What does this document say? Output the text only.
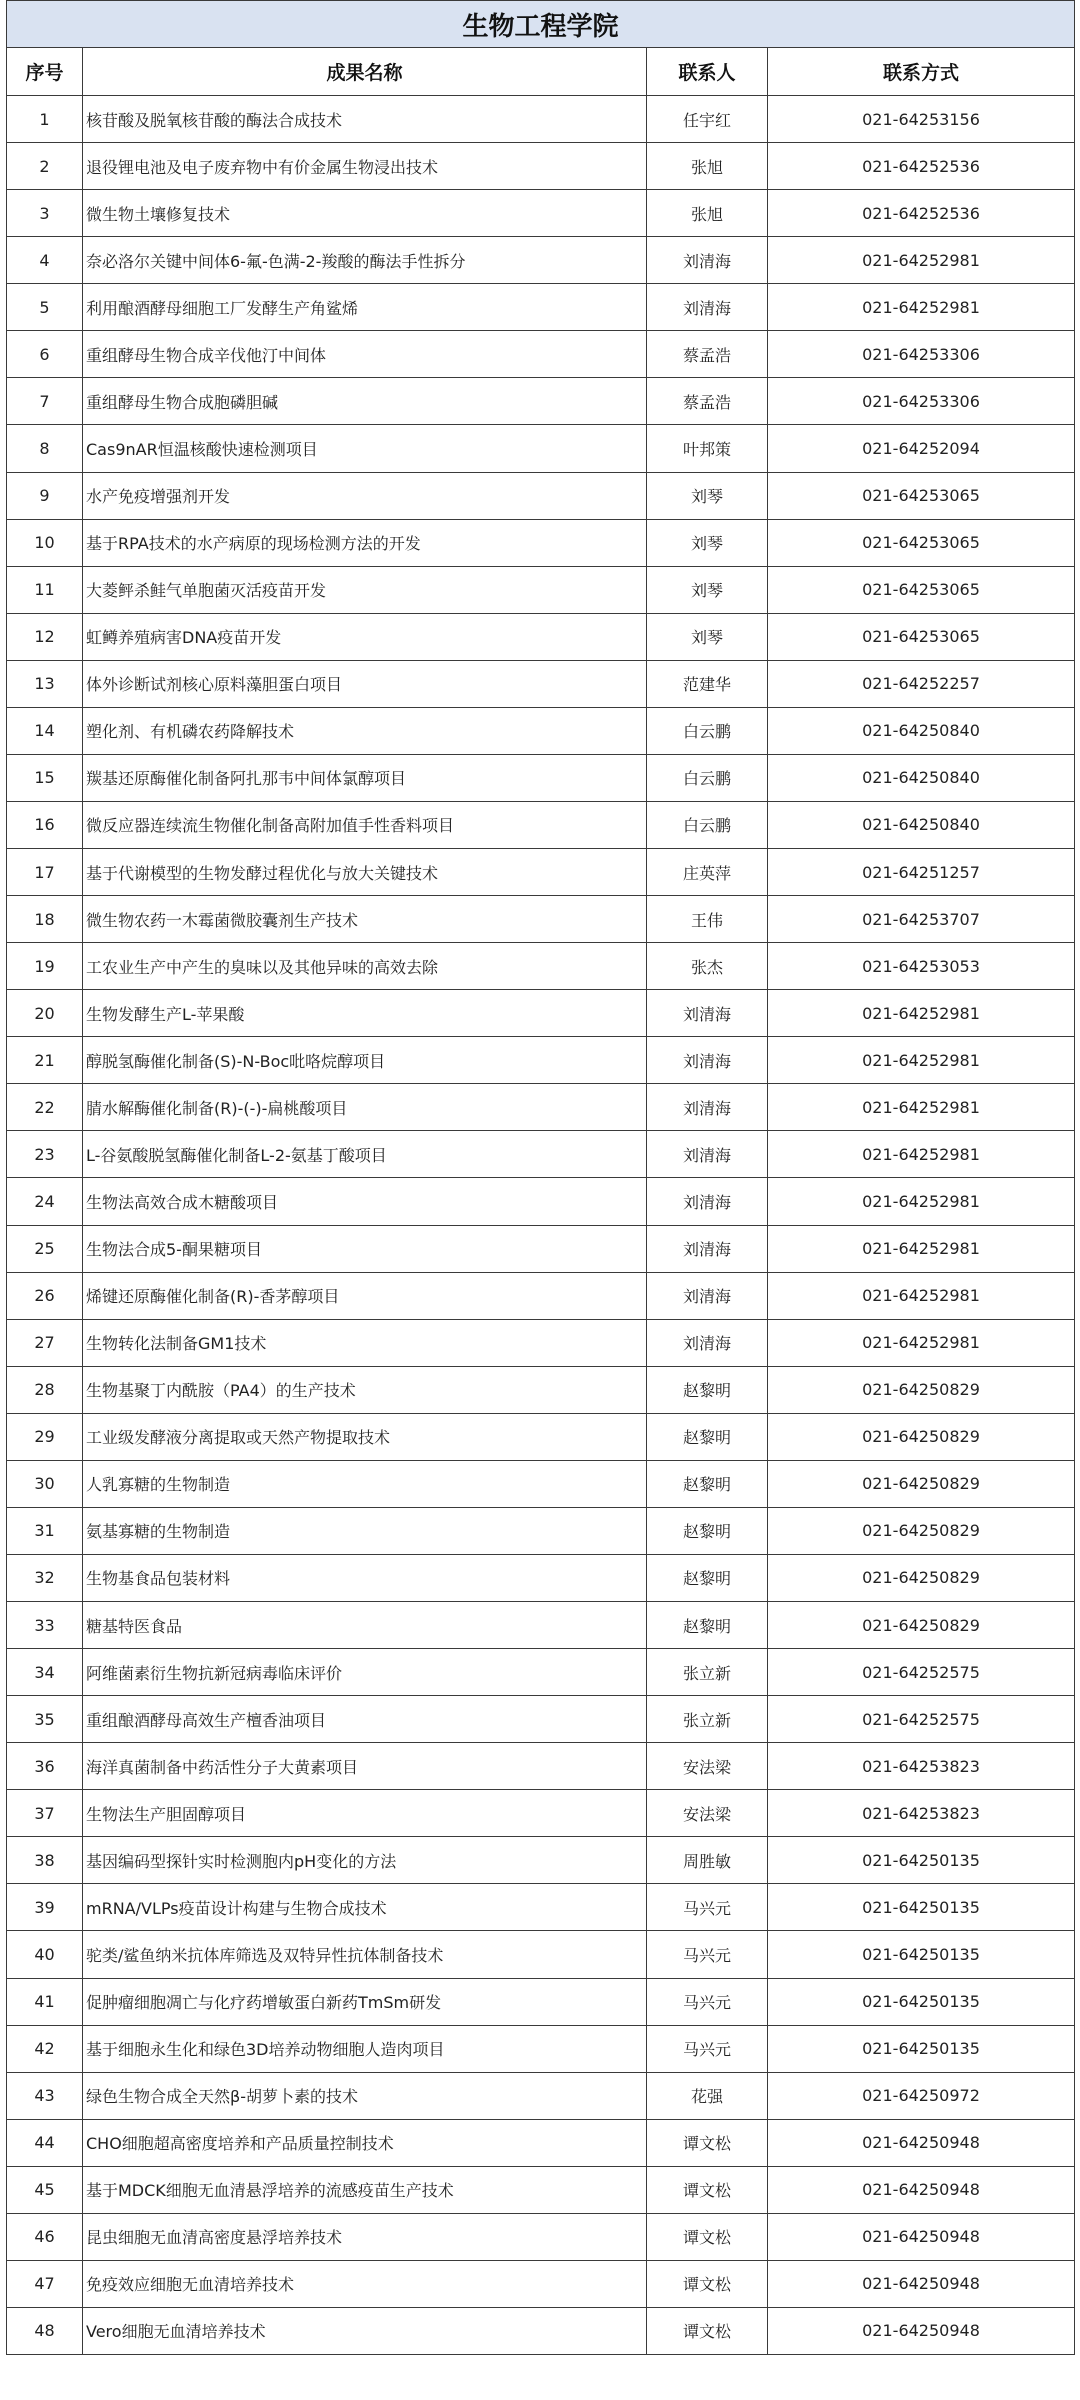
生物工程学院			
序号	成果名称	联系人	联系方式
1	核苷酸及脱氧核苷酸的酶法合成技术	任宇红	021-64253156
2	退役锂电池及电子废弃物中有价金属生物浸出技术	张旭	021-64252536
3	微生物土壤修复技术	张旭	021-64252536
4	奈必洛尔关键中间体6-氟-色满-2-羧酸的酶法手性拆分	刘清海	021-64252981
5	利用酿酒酵母细胞工厂发酵生产角鲨烯	刘清海	021-64252981
6	重组酵母生物合成辛伐他汀中间体	蔡孟浩	021-64253306
7	重组酵母生物合成胞磷胆碱	蔡孟浩	021-64253306
8	Cas9nAR恒温核酸快速检测项目	叶邦策	021-64252094
9	水产免疫增强剂开发	刘琴	021-64253065
10	基于RPA技术的水产病原的现场检测方法的开发	刘琴	021-64253065
11	大菱鲆杀鲑气单胞菌灭活疫苗开发	刘琴	021-64253065
12	虹鳟养殖病害DNA疫苗开发	刘琴	021-64253065
13	体外诊断试剂核心原料藻胆蛋白项目	范建华	021-64252257
14	塑化剂、有机磷农药降解技术	白云鹏	021-64250840
15	羰基还原酶催化制备阿扎那韦中间体氯醇项目	白云鹏	021-64250840
16	微反应器连续流生物催化制备高附加值手性香料项目	白云鹏	021-64250840
17	基于代谢模型的生物发酵过程优化与放大关键技术	庄英萍	021-64251257
18	微生物农药一木霉菌微胶囊剂生产技术	王伟	021-64253707
19	工农业生产中产生的臭味以及其他异味的高效去除	张杰	021-64253053
20	生物发酵生产L-苹果酸	刘清海	021-64252981
21	醇脱氢酶催化制备(S)-N-Boc吡咯烷醇项目	刘清海	021-64252981
22	腈水解酶催化制备(R)-(-)-扁桃酸项目	刘清海	021-64252981
23	L-谷氨酸脱氢酶催化制备L-2-氨基丁酸项目	刘清海	021-64252981
24	生物法高效合成木糖酸项目	刘清海	021-64252981
25	生物法合成5-酮果糖项目	刘清海	021-64252981
26	烯键还原酶催化制备(R)-香茅醇项目	刘清海	021-64252981
27	生物转化法制备GM1技术	刘清海	021-64252981
28	生物基聚丁内酰胺（PA4）的生产技术	赵黎明	021-64250829
29	工业级发酵液分离提取或天然产物提取技术	赵黎明	021-64250829
30	人乳寡糖的生物制造	赵黎明	021-64250829
31	氨基寡糖的生物制造	赵黎明	021-64250829
32	生物基食品包装材料	赵黎明	021-64250829
33	糖基特医食品	赵黎明	021-64250829
34	阿维菌素衍生物抗新冠病毒临床评价	张立新	021-64252575
35	重组酿酒酵母高效生产檀香油项目	张立新	021-64252575
36	海洋真菌制备中药活性分子大黄素项目	安法梁	021-64253823
37	生物法生产胆固醇项目	安法梁	021-64253823
38	基因编码型探针实时检测胞内pH变化的方法	周胜敏	021-64250135
39	mRNA/VLPs疫苗设计构建与生物合成技术	马兴元	021-64250135
40	驼类/鲨鱼纳米抗体库筛选及双特异性抗体制备技术	马兴元	021-64250135
41	促肿瘤细胞凋亡与化疗药增敏蛋白新药TmSm研发	马兴元	021-64250135
42	基于细胞永生化和绿色3D培养动物细胞人造肉项目	马兴元	021-64250135
43	绿色生物合成全天然β-胡萝卜素的技术	花强	021-64250972
44	CHO细胞超高密度培养和产品质量控制技术	谭文松	021-64250948
45	基于MDCK细胞无血清悬浮培养的流感疫苗生产技术	谭文松	021-64250948
46	昆虫细胞无血清高密度悬浮培养技术	谭文松	021-64250948
47	免疫效应细胞无血清培养技术	谭文松	021-64250948
48	Vero细胞无血清培养技术	谭文松	021-64250948
